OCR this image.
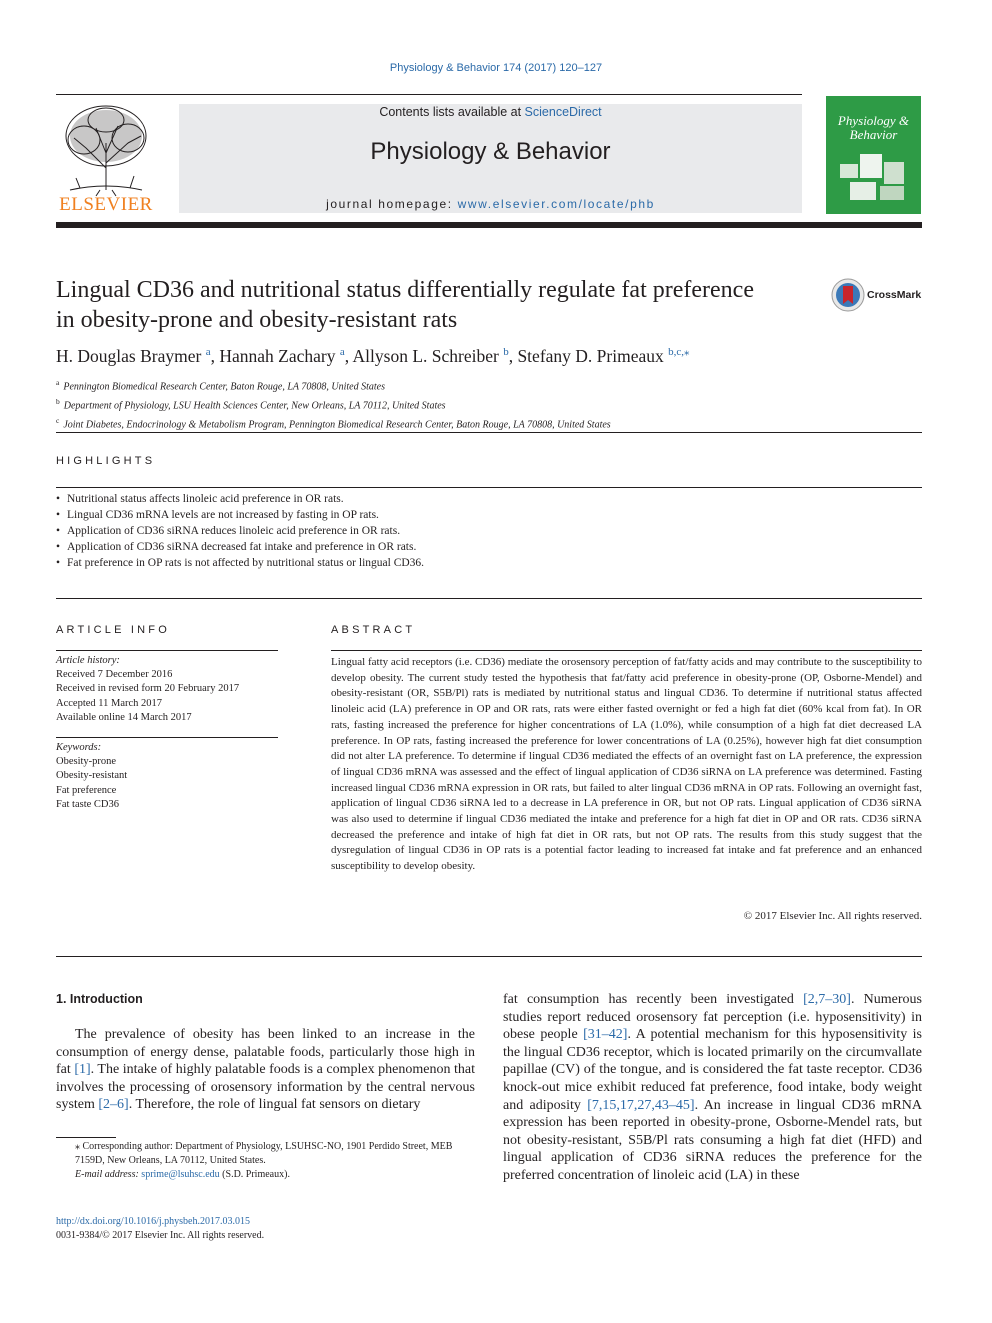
Physiology & Behavior 174 (2017) 120–127
ELSEVIER
Contents lists available at ScienceDirect
Physiology & Behavior
journal homepage: www.elsevier.com/locate/phb
Physiology & Behavior
Lingual CD36 and nutritional status differentially regulate fat preference
in obesity-prone and obesity-resistant rats
CrossMark
H. Douglas Braymer $^a$, Hannah Zachary $^a$, Allyson L. Schreiber $^b$, Stefany D. Primeaux $^{b,c,⁎}$
$^a$ Pennington Biomedical Research Center, Baton Rouge, LA 70808, United States
$^b$ Department of Physiology, LSU Health Sciences Center, New Orleans, LA 70112, United States
$^c$ Joint Diabetes, Endocrinology & Metabolism Program, Pennington Biomedical Research Center, Baton Rouge, LA 70808, United States
HIGHLIGHTS
• Nutritional status affects linoleic acid preference in OR rats.
• Lingual CD36 mRNA levels are not increased by fasting in OP rats.
• Application of CD36 siRNA reduces linoleic acid preference in OR rats.
• Application of CD36 siRNA decreased fat intake and preference in OR rats.
• Fat preference in OP rats is not affected by nutritional status or lingual CD36.
ARTICLE INFO	ABSTRACT
Article history:
Received 7 December 2016
Received in revised form 20 February 2017
Accepted 11 March 2017
Available online 14 March 2017
Keywords:
Obesity-prone
Obesity-resistant
Fat preference
Fat taste CD36
Lingual fatty acid receptors (i.e. CD36) mediate the orosensory perception of fat/fatty acids and may contribute to the susceptibility to develop obesity. The current study tested the hypothesis that fat/fatty acid preference in obesity-prone (OP, Osborne-Mendel) and obesity-resistant (OR, S5B/Pl) rats is mediated by nutritional status and lingual CD36. To determine if nutritional status affected linoleic acid (LA) preference in OP and OR rats, rats were either fasted overnight or fed a high fat diet (60% kcal from fat). In OR rats, fasting increased the preference for higher concentrations of LA (1.0%), while consumption of a high fat diet decreased LA preference. In OP rats, fasting increased the preference for lower concentrations of LA (0.25%), however high fat diet consumption did not alter LA preference. To determine if lingual CD36 mediated the effects of an overnight fast on LA preference, the expression of lingual CD36 mRNA was assessed and the effect of lingual application of CD36 siRNA on LA preference was determined. Fasting increased lingual CD36 mRNA expression in OR rats, but failed to alter lingual CD36 mRNA in OP rats. Following an overnight fast, application of lingual CD36 siRNA led to a decrease in LA preference in OR, but not OP rats. Lingual application of CD36 siRNA was also used to determine if lingual CD36 mediated the intake and preference for a high fat diet in OP and OR rats. CD36 siRNA decreased the preference and intake of high fat diet in OR rats, but not OP rats. The results from this study suggest that the dysregulation of lingual CD36 in OP rats is a potential factor leading to increased fat intake and fat preference and an enhanced susceptibility to develop obesity.
© 2017 Elsevier Inc. All rights reserved.
1. Introduction

The prevalence of obesity has been linked to an increase in the consumption of energy dense, palatable foods, particularly those high in fat [1]. The intake of highly palatable foods is a complex phenomenon that involves the processing of orosensory information by the central nervous system [2–6]. Therefore, the role of lingual fat sensors on dietary

fat consumption has recently been investigated [2,7–30]. Numerous studies report reduced orosensory fat perception (i.e. hyposensitivity) in obese people [31–42]. A potential mechanism for this hyposensitivity is the lingual CD36 receptor, which is located primarily on the circumvallate papillae (CV) of the tongue, and is considered the fat taste receptor. CD36 knock-out mice exhibit reduced fat preference, food intake, body weight and adiposity [7,15,17,27,43–45]. An increase in lingual CD36 mRNA expression has been reported in obesity-prone, Osborne-Mendel rats, but not obesity-resistant, S5B/Pl rats consuming a high fat diet (HFD) and lingual application of CD36 siRNA reduces the preference for the preferred concentration of linoleic acid (LA) in these

⁎ Corresponding author: Department of Physiology, LSUHSC-NO, 1901 Perdido Street, MEB 7159D, New Orleans, LA 70112, United States.

E-mail address: sprime@lsuhsc.edu (S.D. Primeaux).

http://dx.doi.org/10.1016/j.physbeh.2017.03.015
0031-9384/© 2017 Elsevier Inc. All rights reserved.
